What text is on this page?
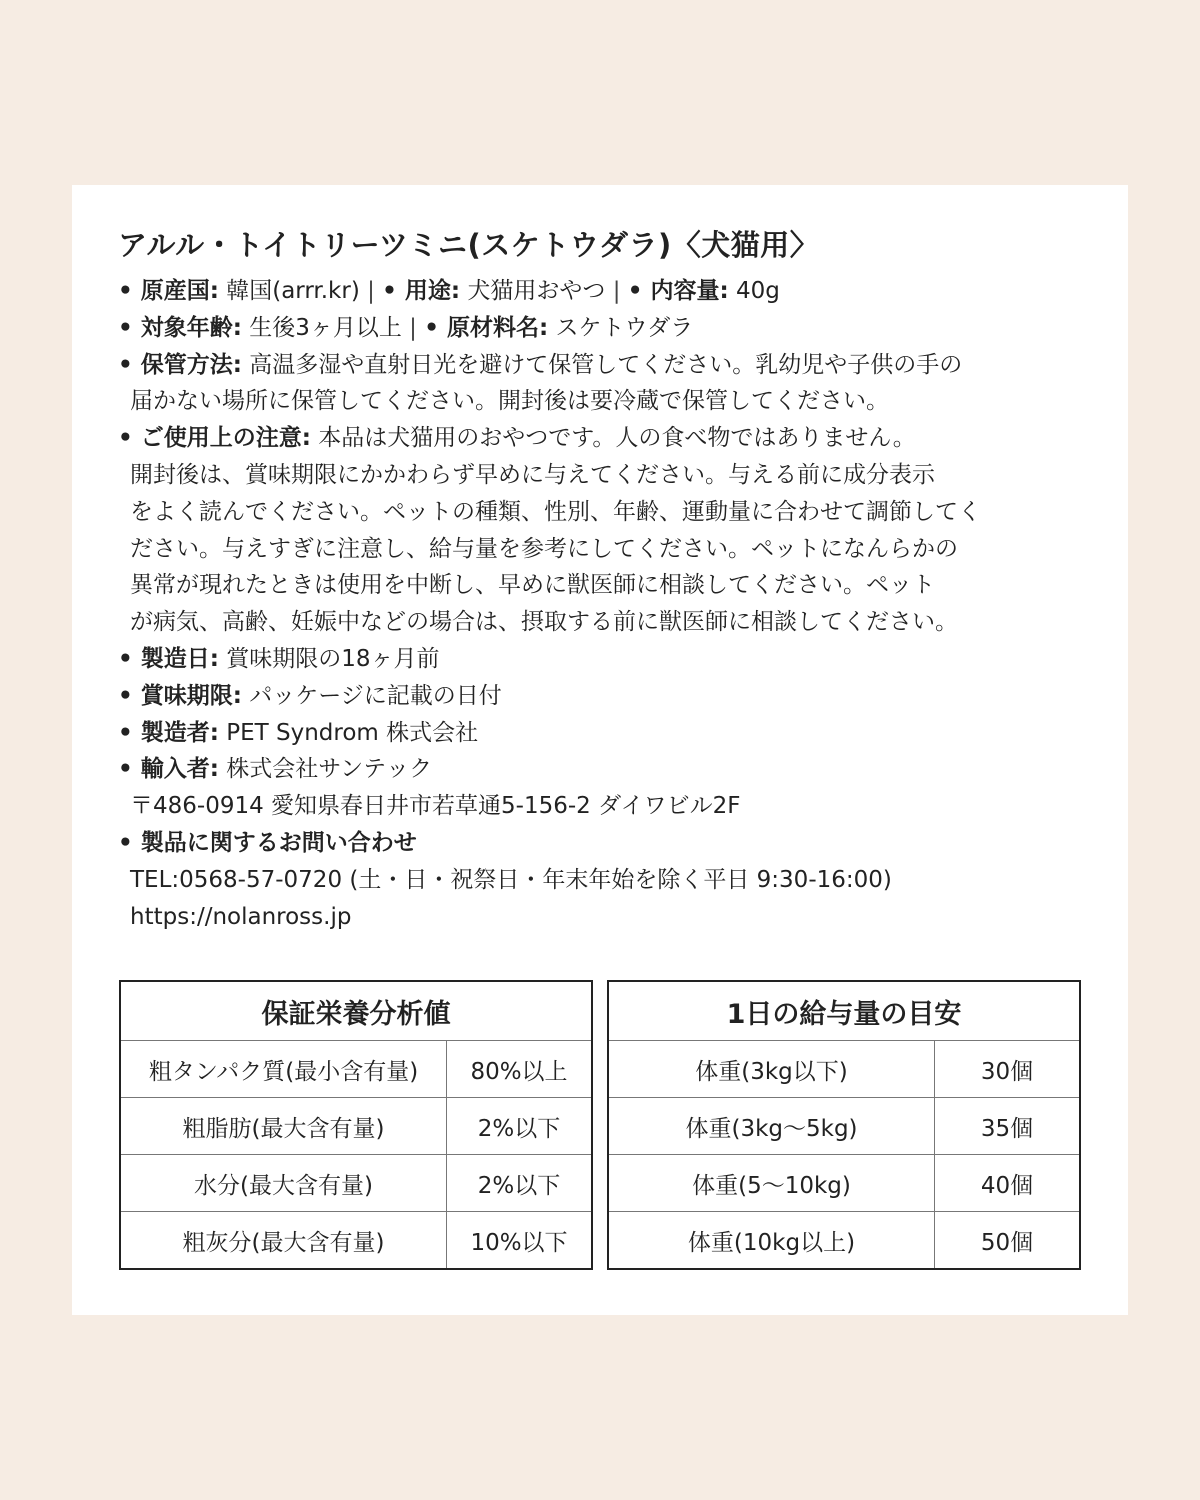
アルル・トイトリーツミニ(スケトウダラ)〈犬猫用〉
• 原産国: 韓国(arrr.kr) | • 用途: 犬猫用おやつ | • 内容量: 40g
• 対象年齢: 生後3ヶ月以上 | • 原材料名: スケトウダラ
• 保管方法: 高温多湿や直射日光を避けて保管してください。乳幼児や子供の手の
届かない場所に保管してください。開封後は要冷蔵で保管してください。
• ご使用上の注意: 本品は犬猫用のおやつです。人の食べ物ではありません。
開封後は、賞味期限にかかわらず早めに与えてください。与える前に成分表示
をよく読んでください。ペットの種類、性別、年齢、運動量に合わせて調節してく
ださい。与えすぎに注意し、給与量を参考にしてください。ペットになんらかの
異常が現れたときは使用を中断し、早めに獣医師に相談してください。ペット
が病気、高齢、妊娠中などの場合は、摂取する前に獣医師に相談してください。
• 製造日: 賞味期限の18ヶ月前
• 賞味期限: パッケージに記載の日付
• 製造者: PET Syndrom 株式会社
• 輸入者: 株式会社サンテック
〒486-0914 愛知県春日井市若草通5-156-2 ダイワビル2F
• 製品に関するお問い合わせ
TEL:0568-57-0720 (土・日・祝祭日・年末年始を除く平日 9:30-16:00)
https://nolanross.jp
保証栄養分析値	
粗タンパク質(最小含有量)	80%以上
粗脂肪(最大含有量)	2%以下
水分(最大含有量)	2%以下
粗灰分(最大含有量)	10%以下
1日の給与量の目安	
体重(3kg以下)	30個
体重(3kg〜5kg)	35個
体重(5〜10kg)	40個
体重(10kg以上)	50個
